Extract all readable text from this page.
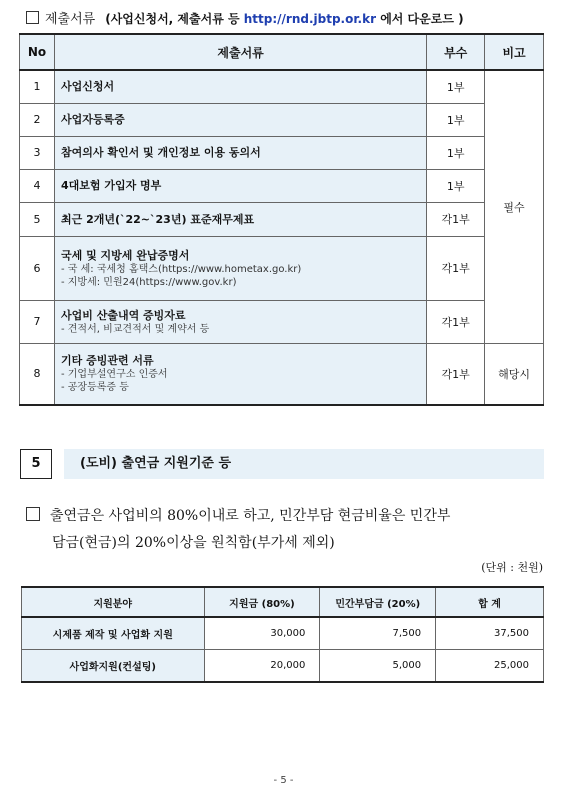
제출서류 (사업신청서, 제출서류 등 http://rnd.jbtp.or.kr 에서 다운로드 )
No	제출서류	부수	비고
1	사업신청서	1부	필수
2	사업자등록증	1부	
3	참여의사 확인서 및 개인정보 이용 동의서	1부	
4	4대보험 가입자 명부	1부	
5	최근 2개년(`22~`23년) 표준재무제표	각1부	
6	국세 및 지방세 완납증명서
- 국 세: 국세청 홈택스(https://www.hometax.go.kr)
- 지방세: 민원24(https://www.gov.kr)	각1부	
7	사업비 산출내역 증빙자료
- 견적서, 비교견적서 및 계약서 등	각1부	
8	기타 증빙관련 서류
- 기업부설연구소 인증서
- 공장등록증 등	각1부	해당시
5	(도비) 출연금 지원기준 등
출연금은 사업비의 80%이내로 하고, 민간부담 현금비율은 민간부
담금(현금)의 20%이상을 원칙함(부가세 제외)
(단위 : 천원)
지원분야	지원금 (80%)	민간부담금 (20%)	합 계
시제품 제작 및 사업화 지원	30,000	7,500	37,500
사업화지원(컨설팅)	20,000	5,000	25,000
- 5 -
